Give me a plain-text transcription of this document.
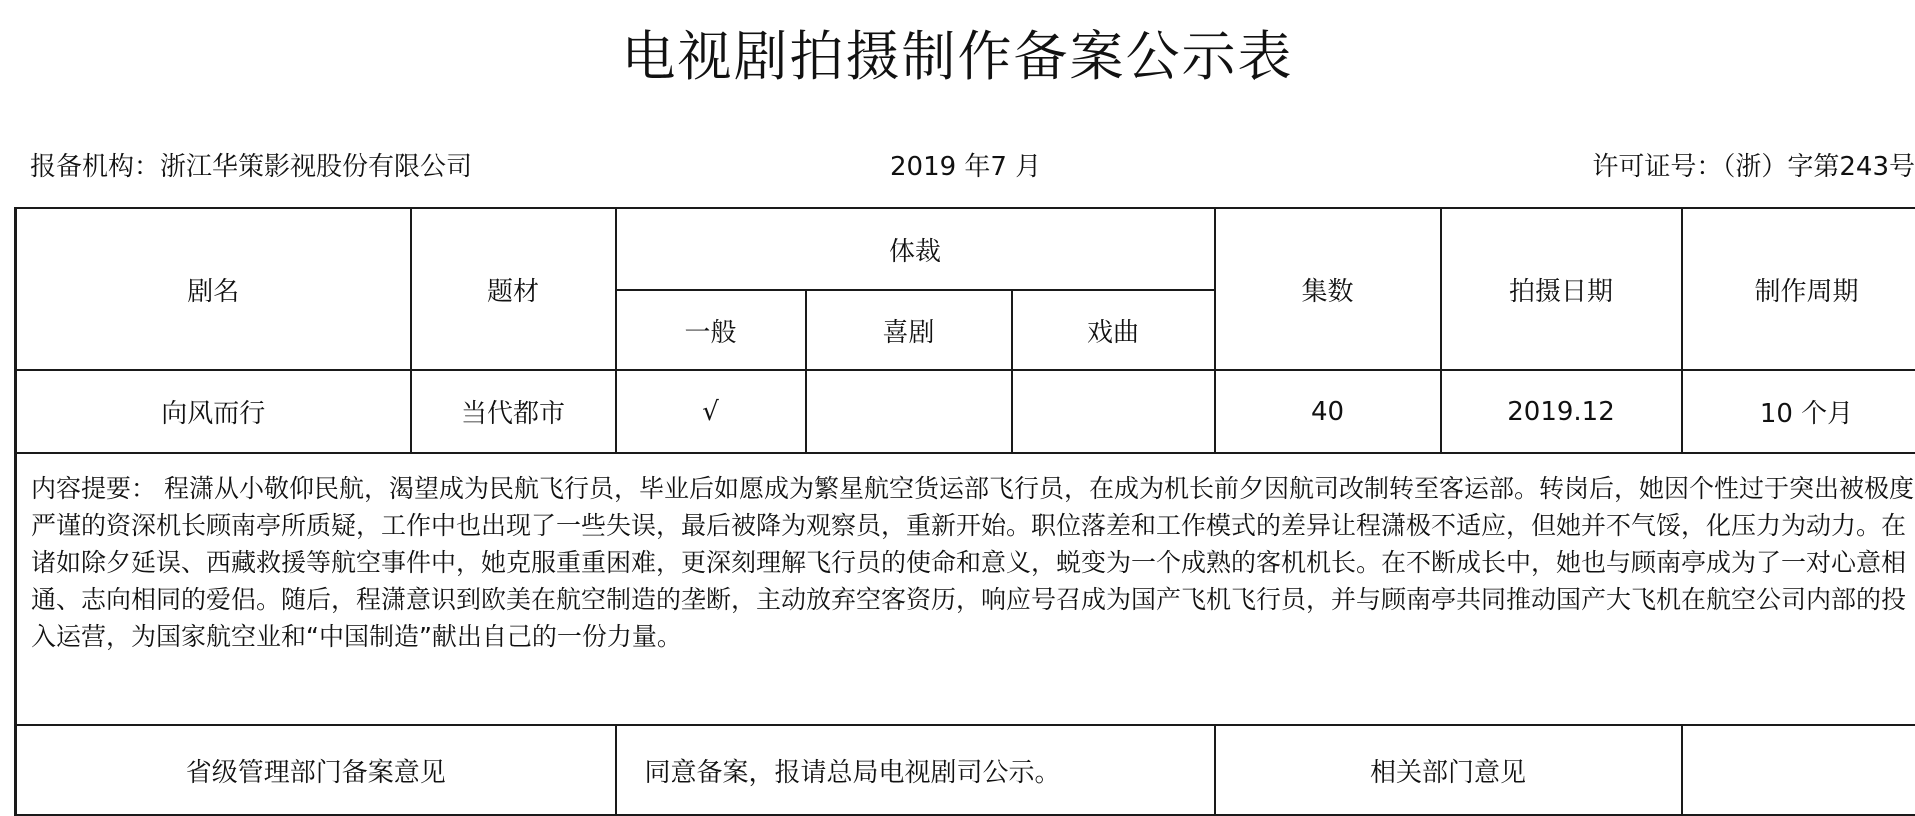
电视剧拍摄制作备案公示表
报备机构：浙江华策影视股份有限公司	2019 年7 月	许可证号：（浙）字第243号
剧名	题材	体裁			集数	拍摄日期	制作周期
		一般	喜剧	戏曲			
向风而行	当代都市	√			40	2019.12	10 个月

内容提要： 程潇从小敬仰民航，渴望成为民航飞行员，毕业后如愿成为繁星航空货运部飞行员，在成为机长前夕因航司改制转至客运部。转岗后，她因个性过于突出被极度严谨的资深机长顾南亭所质疑，工作中也出现了一些失误，最后被降为观察员，重新开始。职位落差和工作模式的差异让程潇极不适应，但她并不气馁，化压力为动力。在诸如除夕延误、西藏救援等航空事件中，她克服重重困难，更深刻理解飞行员的使命和意义，蜕变为一个成熟的客机机长。在不断成长中，她也与顾南亭成为了一对心意相通、志向相同的爱侣。随后，程潇意识到欧美在航空制造的垄断，主动放弃空客资历，响应号召成为国产飞机飞行员，并与顾南亭共同推动国产大飞机在航空公司内部的投入运营，为国家航空业和“中国制造”献出自己的一份力量。							

省级管理部门备案意见		同意备案，报请总局电视剧司公示。			相关部门意见		
